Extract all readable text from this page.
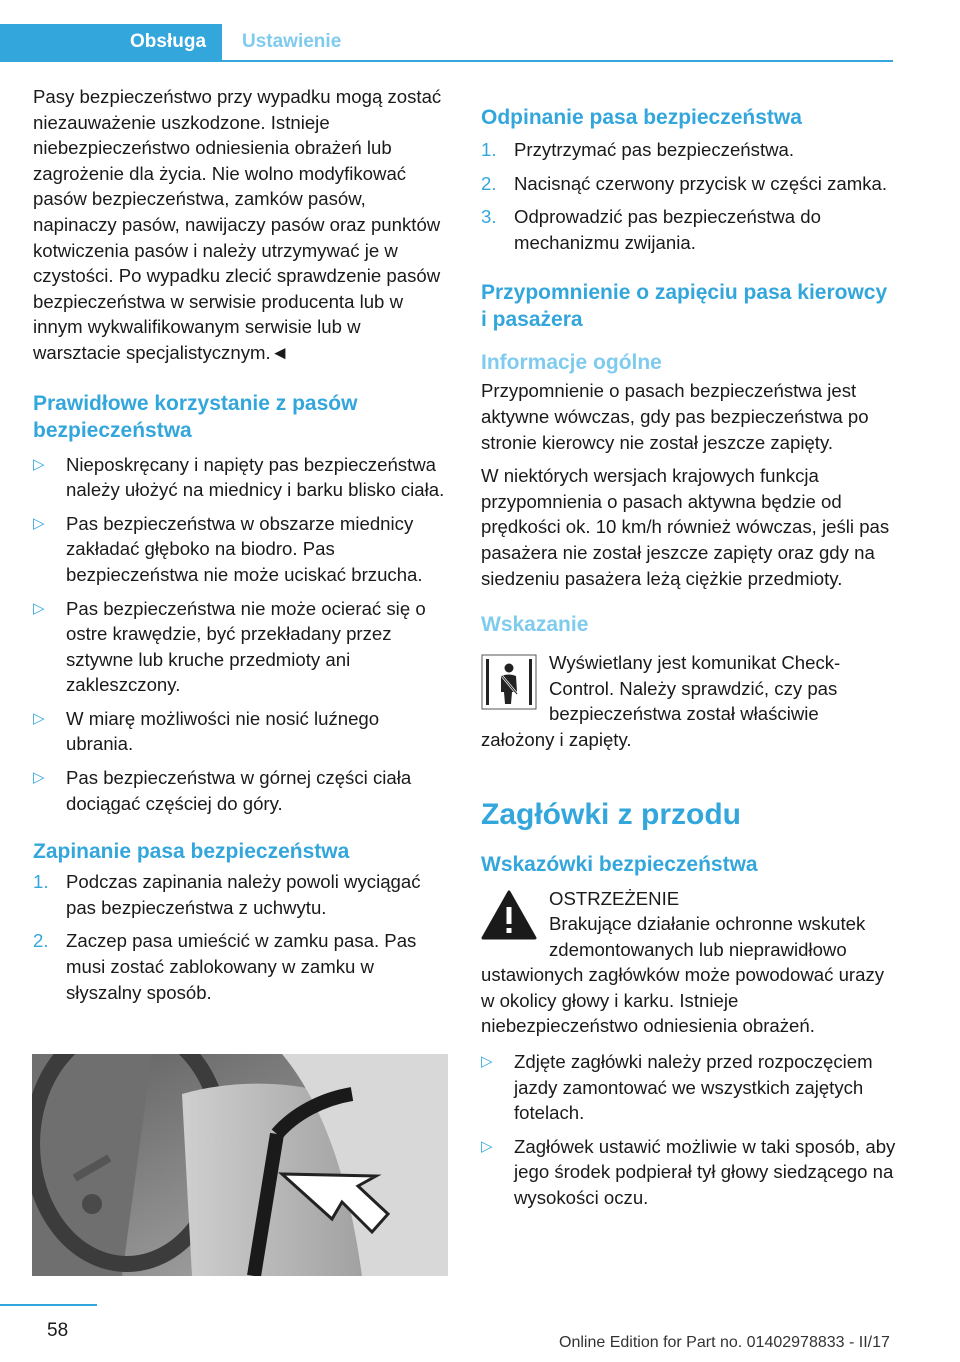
Obsługa Ustawienie

Pasy bezpieczeństwo przy wypadku mogą zostać niezauważenie uszkodzone. Istnieje niebezpieczeństwo odniesienia obrażeń lub zagrożenie dla życia. Nie wolno modyfikować pasów bezpieczeństwa, zamków pasów, napinaczy pasów, nawijaczy pasów oraz punktów kotwiczenia pasów i należy utrzymywać je w czystości. Po wypadku zlecić sprawdzenie pasów bezpieczeństwa w serwisie producenta lub w innym wykwalifikowanym serwisie lub w warsztacie specjalistycznym.◄

Prawidłowe korzystanie z pasów bezpieczeństwa
▷ Nieposkręcany i napięty pas bezpieczeństwa należy ułożyć na miednicy i barku blisko ciała.
▷ Pas bezpieczeństwa w obszarze miednicy zakładać głęboko na biodro. Pas bezpieczeństwa nie może uciskać brzucha.
▷ Pas bezpieczeństwa nie może ocierać się o ostre krawędzie, być przekładany przez sztywne lub kruche przedmioty ani zakleszczony.
▷ W miarę możliwości nie nosić luźnego ubrania.
▷ Pas bezpieczeństwa w górnej części ciała dociągać częściej do góry.
Zapinanie pasa bezpieczeństwa
1. Podczas zapinania należy powoli wyciągać pas bezpieczeństwa z uchwytu.
2. Zaczep pasa umieścić w zamku pasa. Pas musi zostać zablokowany w zamku w słyszalny sposób.
Odpinanie pasa bezpieczeństwa
1. Przytrzymać pas bezpieczeństwa.
2. Nacisnąć czerwony przycisk w części zamka.
3. Odprowadzić pas bezpieczeństwa do mechanizmu zwijania.
Przypomnienie o zapięciu pasa kierowcy i pasażera
Informacje ogólne

Przypomnienie o pasach bezpieczeństwa jest aktywne wówczas, gdy pas bezpieczeństwa po stronie kierowcy nie został jeszcze zapięty.

W niektórych wersjach krajowych funkcja przypomnienia o pasach aktywna będzie od prędkości ok. 10 km/h również wówczas, jeśli pas pasażera nie został jeszcze zapięty oraz gdy na siedzeniu pasażera leżą ciężkie przedmioty.

Wskazanie
Wyświetlany jest komunikat Check-Control. Należy sprawdzić, czy pas bezpieczeństwa został właściwie założony i zapięty.
Zagłówki z przodu
Wskazówki bezpieczeństwa
OSTRZEŻENIE
Brakujące działanie ochronne wskutek zdemontowanych lub nieprawidłowo ustawionych zagłówków może powodować urazy w okolicy głowy i karku. Istnieje niebezpieczeństwo odniesienia obrażeń.
▷ Zdjęte zagłówki należy przed rozpoczęciem jazdy zamontować we wszystkich zajętych fotelach.
▷ Zagłówek ustawić możliwie w taki sposób, aby jego środek podpierał tył głowy siedzącego na wysokości oczu.
58
Online Edition for Part no. 01402978833 - II/17
